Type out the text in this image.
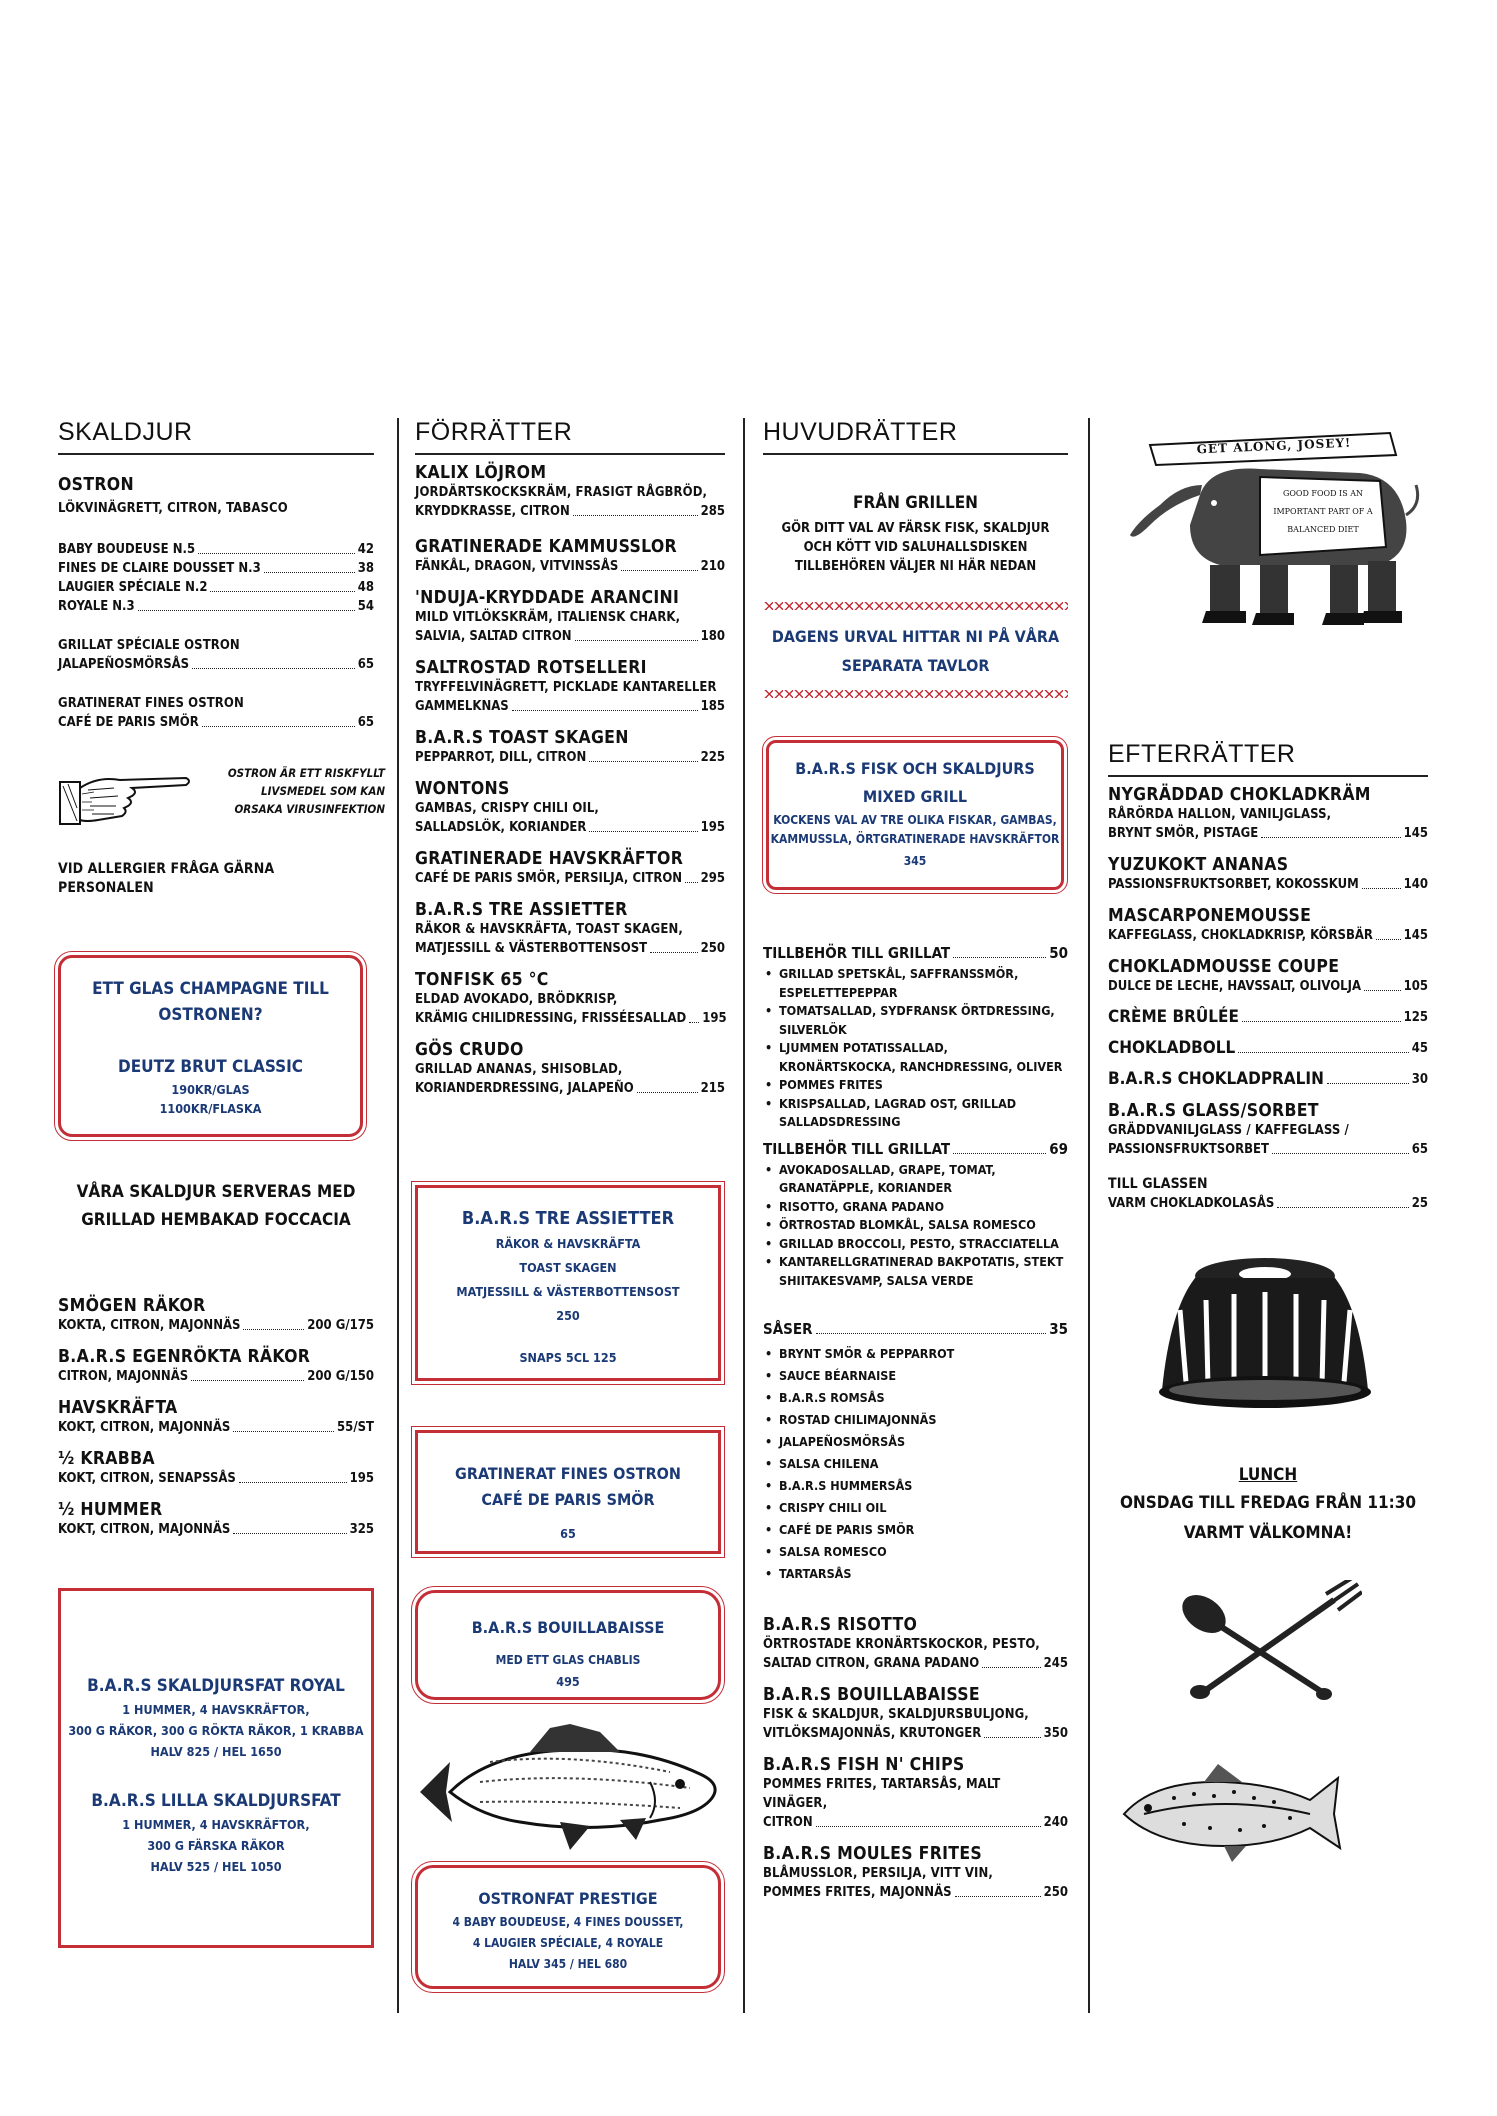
SKALDJUR
OSTRON
LÖKVINÄGRETT, CITRON, TABASCO
BABY BOUDEUSE N.5	42
FINES DE CLAIRE DOUSSET N.3	38
LAUGIER SPÉCIALE N.2	48
ROYALE N.3	54
GRILLAT SPÉCIALE OSTRON
JALAPEÑOSMÖRSÅS	65
GRATINERAT FINES OSTRON
CAFÉ DE PARIS SMÖR	65
OSTRON ÄR ETT RISKFYLLT LIVSMEDEL SOM KAN ORSAKA VIRUSINFEKTION
VID ALLERGIER FRÅGA GÄRNA PERSONALEN
ETT GLAS CHAMPAGNE TILL
OSTRONEN?
DEUTZ BRUT CLASSIC
190KR/GLAS
1100KR/FLASKA
VÅRA SKALDJUR SERVERAS MED GRILLAD HEMBAKAD FOCCACIA
SMÖGEN RÄKOR
KOKTA, CITRON, MAJONNÄS	200 G/175
B.A.R.S EGENRÖKTA RÄKOR
CITRON, MAJONNÄS	200 G/150
HAVSKRÄFTA
KOKT, CITRON, MAJONNÄS	55/ST
½ KRABBA
KOKT, CITRON, SENAPSSÅS	195
½ HUMMER
KOKT, CITRON, MAJONNÄS	325
B.A.R.S SKALDJURSFAT ROYAL
1 HUMMER, 4 HAVSKRÄFTOR,
300 G RÄKOR, 300 G RÖKTA RÄKOR, 1 KRABBA
HALV 825 / HEL 1650
B.A.R.S LILLA SKALDJURSFAT
1 HUMMER, 4 HAVSKRÄFTOR,
300 G FÄRSKA RÄKOR
HALV 525 / HEL 1050
FÖRRÄTTER
KALIX LÖJROM
JORDÄRTSKOCKSKRÄM, FRASIGT RÅGBRÖD,
KRYDDKRASSE, CITRON	285
GRATINERADE KAMMUSSLOR
FÄNKÅL, DRAGON, VITVINSSÅS	210
'NDUJA-KRYDDADE ARANCINI
MILD VITLÖKSKRÄM, ITALIENSK CHARK,
SALVIA, SALTAD CITRON	180
SALTROSTAD ROTSELLERI
TRYFFELVINÄGRETT, PICKLADE KANTARELLER
GAMMELKNAS	185
B.A.R.S TOAST SKAGEN
PEPPARROT, DILL, CITRON	225
WONTONS
GAMBAS, CRISPY CHILI OIL,
SALLADSLÖK, KORIANDER	195
GRATINERADE HAVSKRÄFTOR
CAFÉ DE PARIS SMÖR, PERSILJA, CITRON 295
B.A.R.S TRE ASSIETTER
RÄKOR & HAVSKRÄFTA, TOAST SKAGEN,
MATJESSILL & VÄSTERBOTTENSOST	250
TONFISK 65 °C
ELDAD AVOKADO, BRÖDKRISP,
KRÄMIG CHILIDRESSING, FRISSÉESALLAD 195
GÖS CRUDO
GRILLAD ANANAS, SHISOBLAD,
KORIANDERDRESSING, JALAPEÑO	215
B.A.R.S TRE ASSIETTER
RÄKOR & HAVSKRÄFTA
TOAST SKAGEN
MATJESSILL & VÄSTERBOTTENSOST
250
SNAPS 5CL 125
GRATINERAT FINES OSTRON
CAFÉ DE PARIS SMÖR
65
B.A.R.S BOUILLABAISSE
MED ETT GLAS CHABLIS
495
OSTRONFAT PRESTIGE
4 BABY BOUDEUSE, 4 FINES DOUSSET,
4 LAUGIER SPÉCIALE, 4 ROYALE
HALV 345 / HEL 680
HUVUDRÄTTER
FRÅN GRILLEN
GÖR DITT VAL AV FÄRSK FISK, SKALDJUR
OCH KÖTT VID SALUHALLSDISKEN
TILLBEHÖREN VÄLJER NI HÄR NEDAN
DAGENS URVAL HITTAR NI PÅ VÅRA
SEPARATA TAVLOR
B.A.R.S FISK OCH SKALDJURS
MIXED GRILL
KOCKENS VAL AV TRE OLIKA FISKAR, GAMBAS,
KAMMUSSLA, ÖRTGRATINERADE HAVSKRÄFTOR
345
TILLBEHÖR TILL GRILLAT	50
• GRILLAD SPETSKÅL, SAFFRANSSMÖR, ESPELETTEPEPPAR
• TOMATSALLAD, SYDFRANSK ÖRTDRESSING, SILVERLÖK
• LJUMMEN POTATISSALLAD, KRONÄRTSKOCKA, RANCHDRESSING, OLIVER
• POMMES FRITES
• KRISPSALLAD, LAGRAD OST, GRILLAD SALLADSDRESSING
TILLBEHÖR TILL GRILLAT	69
• AVOKADOSALLAD, GRAPE, TOMAT, GRANATÄPPLE, KORIANDER
• RISOTTO, GRANA PADANO
• ÖRTROSTAD BLOMKÅL, SALSA ROMESCO
• GRILLAD BROCCOLI, PESTO, STRACCIATELLA
• KANTARELLGRATINERAD BAKPOTATIS, STEKT SHIITAKESVAMP, SALSA VERDE
SÅSER	35
• BRYNT SMÖR & PEPPARROT
• SAUCE BÉARNAISE
• B.A.R.S ROMSÅS
• ROSTAD CHILIMAJONNÄS
• JALAPEÑOSMÖRSÅS
• SALSA CHILENA
• B.A.R.S HUMMERSÅS
• CRISPY CHILI OIL
• CAFÉ DE PARIS SMÖR
• SALSA ROMESCO
• TARTARSÅS
B.A.R.S RISOTTO
ÖRTROSTADE KRONÄRTSKOCKOR, PESTO,
SALTAD CITRON, GRANA PADANO	245
B.A.R.S BOUILLABAISSE
FISK & SKALDJUR, SKALDJURSBULJONG,
VITLÖKSMAJONNÄS, KRUTONGER	350
B.A.R.S FISH N' CHIPS
POMMES FRITES, TARTARSÅS, MALT VINÄGER,
CITRON	240
B.A.R.S MOULES FRITES
BLÅMUSSLOR, PERSILJA, VITT VIN,
POMMES FRITES, MAJONNÄS	250
GET ALONG, JOSEY!
GOOD FOOD IS AN IMPORTANT PART OF A BALANCED DIET
EFTERRÄTTER
NYGRÄDDAD CHOKLADKRÄM
RÅRÖRDA HALLON, VANILJGLASS,
BRYNT SMÖR, PISTAGE	145
YUZUKOKT ANANAS
PASSIONSFRUKTSORBET, KOKOSSKUM	140
MASCARPONEMOUSSE
KAFFEGLASS, CHOKLADKRISP, KÖRSBÄR 145
CHOKLADMOUSSE COUPE
DULCE DE LECHE, HAVSSALT, OLIVOLJA	105
CRÈME BRÛLÉE	125
CHOKLADBOLL	45
B.A.R.S CHOKLADPRALIN	30
B.A.R.S GLASS/SORBET
GRÄDDVANILJGLASS / KAFFEGLASS /
PASSIONSFRUKTSORBET	65
TILL GLASSEN
VARM CHOKLADKOLASÅS	25
LUNCH
ONSDAG TILL FREDAG FRÅN 11:30
VARMT VÄLKOMNA!
